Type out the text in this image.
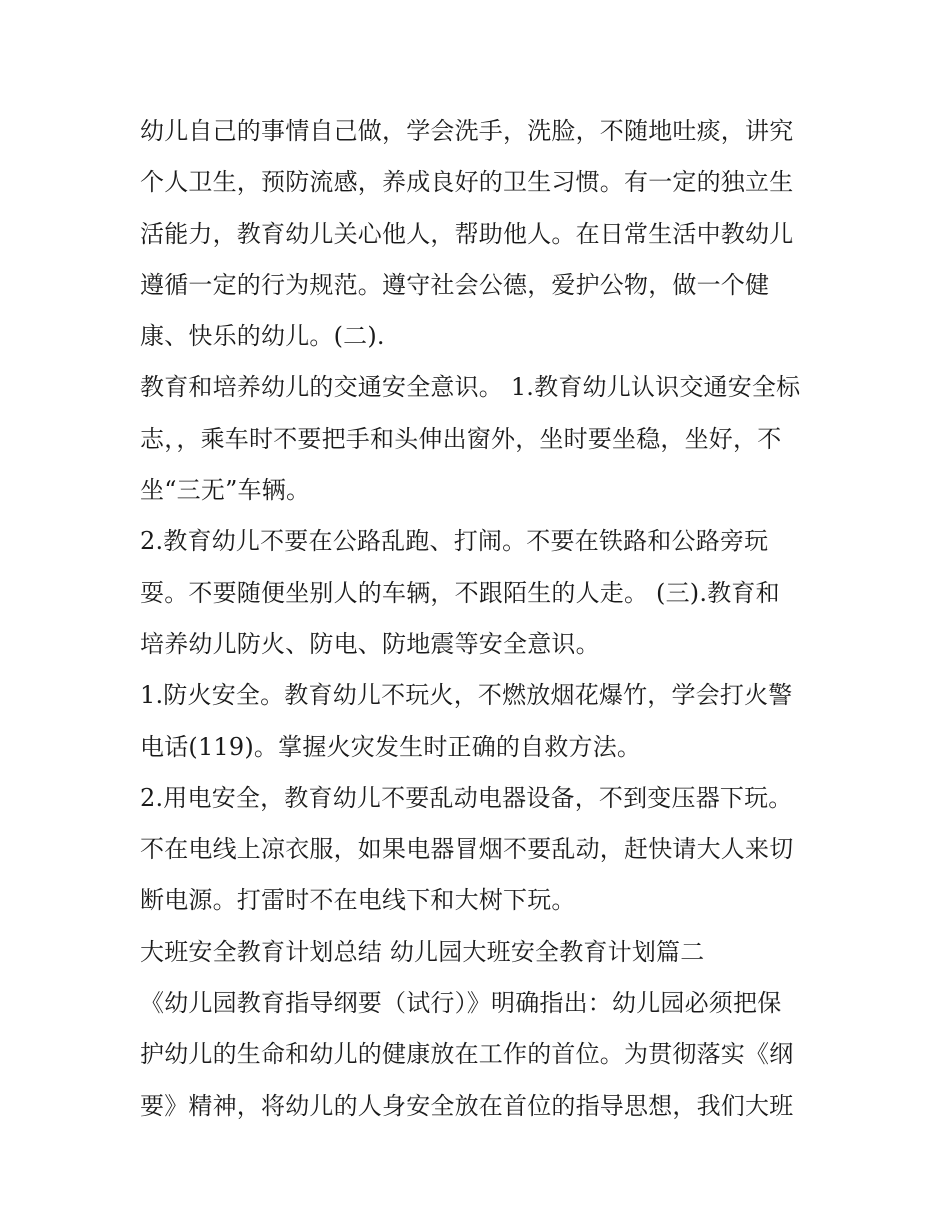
幼儿自己的事情自己做，学会洗手，洗脸，不随地吐痰，讲究
个人卫生，预防流感，养成良好的卫生习惯。有一定的独立生
活能力，教育幼儿关心他人，帮助他人。在日常生活中教幼儿
遵循一定的行为规范。遵守社会公德，爱护公物，做一个健
康、快乐的幼儿。(二).
教育和培养幼儿的交通安全意识。 1.教育幼儿认识交通安全标
志，，乘车时不要把手和头伸出窗外，坐时要坐稳，坐好，不
坐“三无”车辆。
2.教育幼儿不要在公路乱跑、打闹。不要在铁路和公路旁玩
耍。不要随便坐别人的车辆，不跟陌生的人走。 (三).教育和
培养幼儿防火、防电、防地震等安全意识。
1.防火安全。教育幼儿不玩火，不燃放烟花爆竹，学会打火警
电话(119)。掌握火灾发生时正确的自救方法。
2.用电安全，教育幼儿不要乱动电器设备，不到变压器下玩。
不在电线上凉衣服，如果电器冒烟不要乱动，赶快请大人来切
断电源。打雷时不在电线下和大树下玩。
大班安全教育计划总结 幼儿园大班安全教育计划篇二
《幼儿园教育指导纲要（试行）》明确指出：幼儿园必须把保
护幼儿的生命和幼儿的健康放在工作的首位。为贯彻落实《纲
要》精神，将幼儿的人身安全放在首位的指导思想，我们大班
